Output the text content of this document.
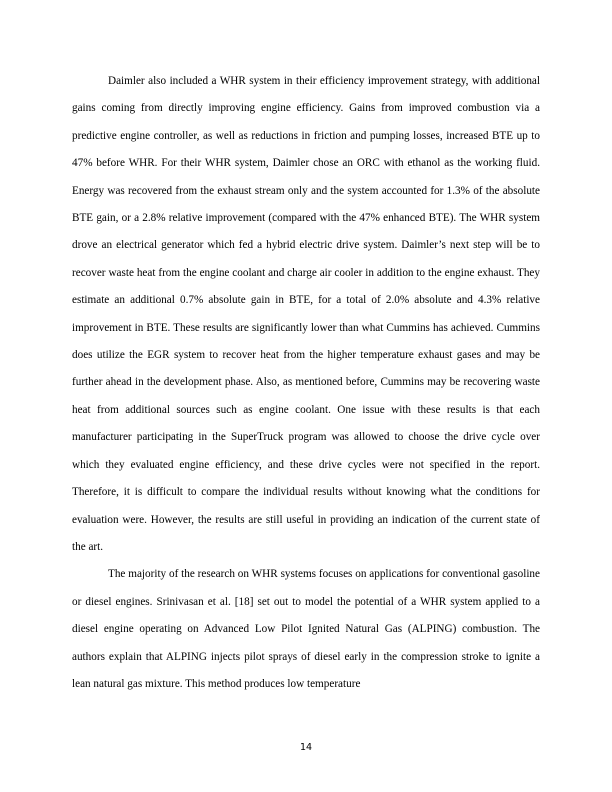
Daimler also included a WHR system in their efficiency improvement strategy, with additional gains coming from directly improving engine efficiency. Gains from improved combustion via a predictive engine controller, as well as reductions in friction and pumping losses, increased BTE up to 47% before WHR. For their WHR system, Daimler chose an ORC with ethanol as the working fluid. Energy was recovered from the exhaust stream only and the system accounted for 1.3% of the absolute BTE gain, or a 2.8% relative improvement (compared with the 47% enhanced BTE). The WHR system drove an electrical generator which fed a hybrid electric drive system. Daimler’s next step will be to recover waste heat from the engine coolant and charge air cooler in addition to the engine exhaust. They estimate an additional 0.7% absolute gain in BTE, for a total of 2.0% absolute and 4.3% relative improvement in BTE. These results are significantly lower than what Cummins has achieved. Cummins does utilize the EGR system to recover heat from the higher temperature exhaust gases and may be further ahead in the development phase. Also, as mentioned before, Cummins may be recovering waste heat from additional sources such as engine coolant. One issue with these results is that each manufacturer participating in the SuperTruck program was allowed to choose the drive cycle over which they evaluated engine efficiency, and these drive cycles were not specified in the report. Therefore, it is difficult to compare the individual results without knowing what the conditions for evaluation were. However, the results are still useful in providing an indication of the current state of the art.

The majority of the research on WHR systems focuses on applications for conventional gasoline or diesel engines. Srinivasan et al. [18] set out to model the potential of a WHR system applied to a diesel engine operating on Advanced Low Pilot Ignited Natural Gas (ALPING) combustion. The authors explain that ALPING injects pilot sprays of diesel early in the compression stroke to ignite a lean natural gas mixture. This method produces low temperature

14
